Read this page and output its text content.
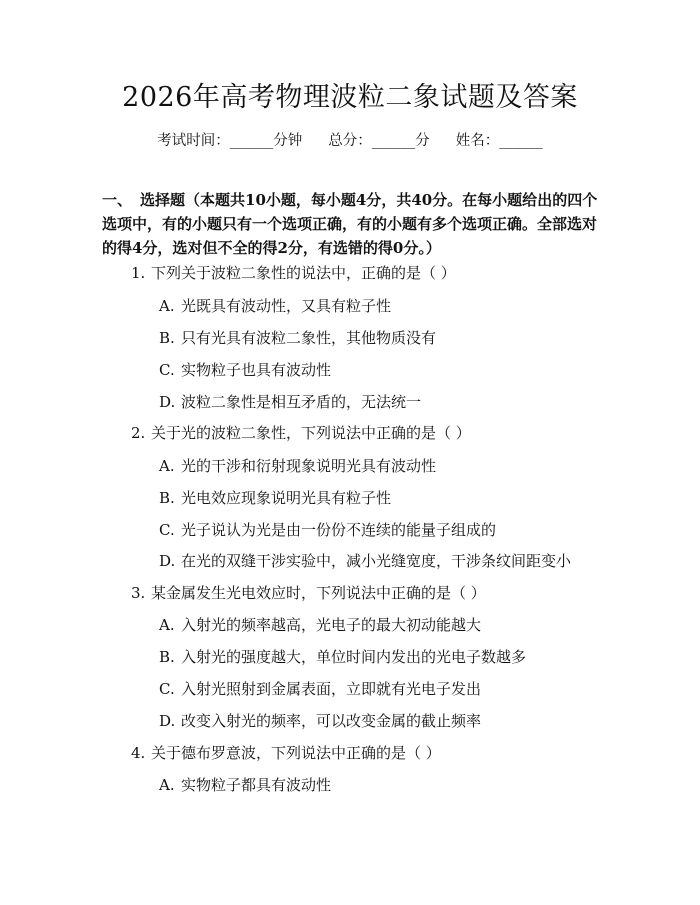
2026年高考物理波粒二象试题及答案
考试时间：______分钟 总分：______分 姓名：______
一、 选择题（本题共10小题，每小题4分，共40分。在每小题给出的四个选项中，有的小题只有一个选项正确，有的小题有多个选项正确。全部选对的得4分，选对但不全的得2分，有选错的得0分。）
1. 下列关于波粒二象性的说法中，正确的是（ ）
A. 光既具有波动性，又具有粒子性
B. 只有光具有波粒二象性，其他物质没有
C. 实物粒子也具有波动性
D. 波粒二象性是相互矛盾的，无法统一
2. 关于光的波粒二象性，下列说法中正确的是（ ）
A. 光的干涉和衍射现象说明光具有波动性
B. 光电效应现象说明光具有粒子性
C. 光子说认为光是由一份份不连续的能量子组成的
D. 在光的双缝干涉实验中，减小光缝宽度，干涉条纹间距变小
3. 某金属发生光电效应时，下列说法中正确的是（ ）
A. 入射光的频率越高，光电子的最大初动能越大
B. 入射光的强度越大，单位时间内发出的光电子数越多
C. 入射光照射到金属表面，立即就有光电子发出
D. 改变入射光的频率，可以改变金属的截止频率
4. 关于德布罗意波，下列说法中正确的是（ ）
A. 实物粒子都具有波动性
